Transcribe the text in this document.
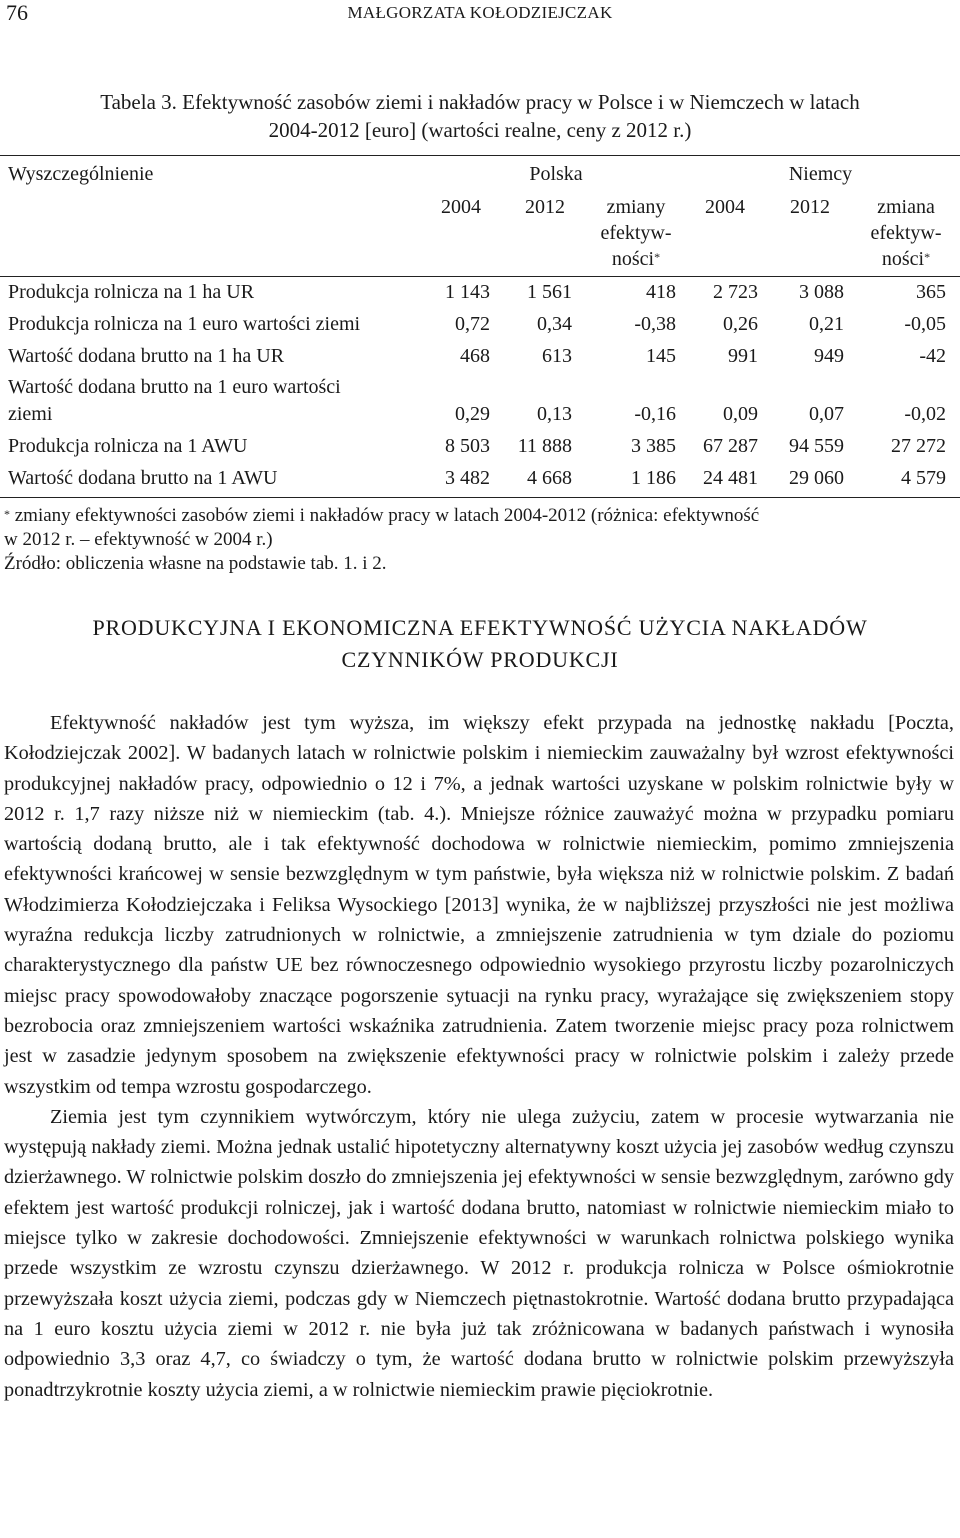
76	MAŁGORZATA KOŁODZIEJCZAK
Tabela 3. Efektywność zasobów ziemi i nakładów pracy w Polsce i w Niemczech w latach
2004-2012 [euro] (wartości realne, ceny z 2012 r.)
Wyszczególnienie	Polska	Niemcy
2004	2012	zmiany
efektyw-
ności*
2004	2012	zmiana
efektyw-
ności*
Produkcja rolnicza na 1 ha UR	1 143	1 561	418	2 723	3 088	365
Produkcja rolnicza na 1 euro wartości ziemi	0,72	0,34	-0,38	0,26	0,21	-0,05
Wartość dodana brutto na 1 ha UR	468	613	145	991	949	-42
Wartość dodana brutto na 1 euro wartości
ziemi	0,29	0,13	-0,16	0,09	0,07	-0,02
Produkcja rolnicza na 1 AWU	8 503	11 888	3 385	67 287	94 559	27 272
Wartość dodana brutto na 1 AWU	3 482	4 668	1 186	24 481	29 060	4 579
* zmiany efektywności zasobów ziemi i nakładów pracy w latach 2004-2012 (różnica: efektywność
w 2012 r. – efektywność w 2004 r.)
Źródło: obliczenia własne na podstawie tab. 1. i 2.
PRODUKCYJNA I EKONOMICZNA EFEKTYWNOŚĆ UŻYCIA NAKŁADÓW
CZYNNIKÓW PRODUKCJI

Efektywność nakładów jest tym wyższa, im większy efekt przypada na jednostkę nakładu [Poczta, Kołodziejczak 2002]. W badanych latach w rolnictwie polskim i niemieckim zauważalny był wzrost efektywności produkcyjnej nakładów pracy, odpowiednio o 12 i 7%, a jednak wartości uzyskane w polskim rolnictwie były w 2012 r. 1,7 razy niższe niż w niemieckim (tab. 4.). Mniejsze różnice zauważyć można w przypadku pomiaru wartością dodaną brutto, ale i tak efektywność dochodowa w rolnictwie niemieckim, pomimo zmniejszenia efektywności krańcowej w sensie bezwzględnym w tym państwie, była większa niż w rolnictwie polskim. Z badań Włodzimierza Kołodziejczaka i Feliksa Wysockiego [2013] wynika, że w najbliższej przyszłości nie jest możliwa wyraźna redukcja liczby zatrudnionych w rolnictwie, a zmniejszenie zatrudnienia w tym dziale do poziomu charakterystycznego dla państw UE bez równoczesnego odpowiednio wysokiego przyrostu liczby pozarolniczych miejsc pracy spowodowałoby znaczące pogorszenie sytuacji na rynku pracy, wyrażające się zwiększeniem stopy bezrobocia oraz zmniejszeniem wartości wskaźnika zatrudnienia. Zatem tworzenie miejsc pracy poza rolnictwem jest w zasadzie jedynym sposobem na zwiększenie efektywności pracy w rolnictwie polskim i zależy przede wszystkim od tempa wzrostu gospodarczego.

Ziemia jest tym czynnikiem wytwórczym, który nie ulega zużyciu, zatem w procesie wytwarzania nie występują nakłady ziemi. Można jednak ustalić hipotetyczny alternatywny koszt użycia jej zasobów według czynszu dzierżawnego. W rolnictwie polskim doszło do zmniejszenia jej efektywności w sensie bezwzględnym, zarówno gdy efektem jest wartość produkcji rolniczej, jak i wartość dodana brutto, natomiast w rolnictwie niemieckim miało to miejsce tylko w zakresie dochodowości. Zmniejszenie efektywności w warunkach rolnictwa polskiego wynika przede wszystkim ze wzrostu czynszu dzierżawnego. W 2012 r. produkcja rolnicza w Polsce ośmiokrotnie przewyższała koszt użycia ziemi, podczas gdy w Niemczech piętnastokrotnie. Wartość dodana brutto przypadająca na 1 euro kosztu użycia ziemi w 2012 r. nie była już tak zróżnicowana w badanych państwach i wynosiła odpowiednio 3,3 oraz 4,7, co świadczy o tym, że wartość dodana brutto w rolnictwie polskim przewyższyła ponadtrzykrotnie koszty użycia ziemi, a w rolnictwie niemieckim prawie pięciokrotnie.
